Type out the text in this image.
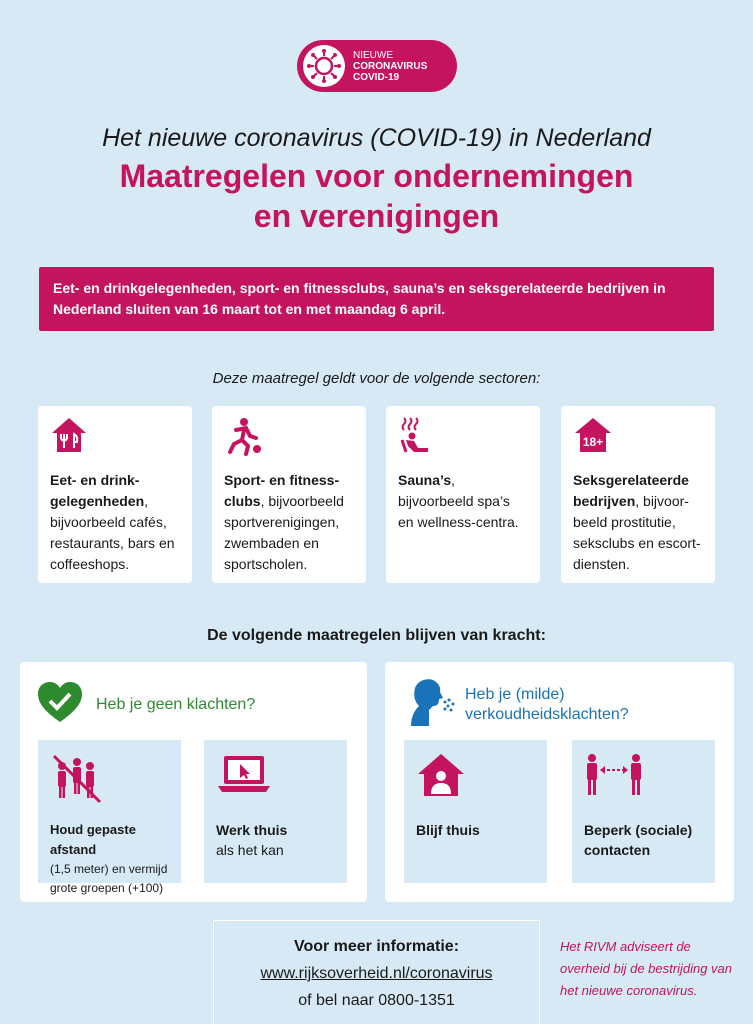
NIEUWE
CORONAVIRUS
COVID-19
Het nieuwe coronavirus (COVID-19) in Nederland
Maatregelen voor ondernemingen
en verenigingen
Eet- en drinkgelegenheden, sport- en fitnessclubs, sauna’s en seksgerelateerde bedrijven in Nederland sluiten van 16 maart tot en met maandag 6 april.
Deze maatregel geldt voor de volgende sectoren:
Eet- en drink-gelegenheden, bijvoorbeeld cafés, restaurants, bars en coffeeshops.
Sport- en fitness-clubs, bijvoorbeeld sportverenigingen, zwembaden en sportscholen.
Sauna’s, bijvoorbeeld spa’s en wellness-centra.
18+
Seksgerelateerde bedrijven, bijvoor-beeld prostitutie, seksclubs en escort-diensten.
De volgende maatregelen blijven van kracht:
Heb je geen klachten?
Houd gepaste afstand
(1,5 meter) en vermijd grote groepen (+100)
Werk thuis
als het kan
Heb je (milde)
verkoudheidsklachten?
Blijf thuis	Beperk (sociale) contacten
Voor meer informatie:
www.rijksoverheid.nl/coronavirus
of bel naar 0800-1351
Het RIVM adviseert de overheid bij de bestrijding van het nieuwe coronavirus.
